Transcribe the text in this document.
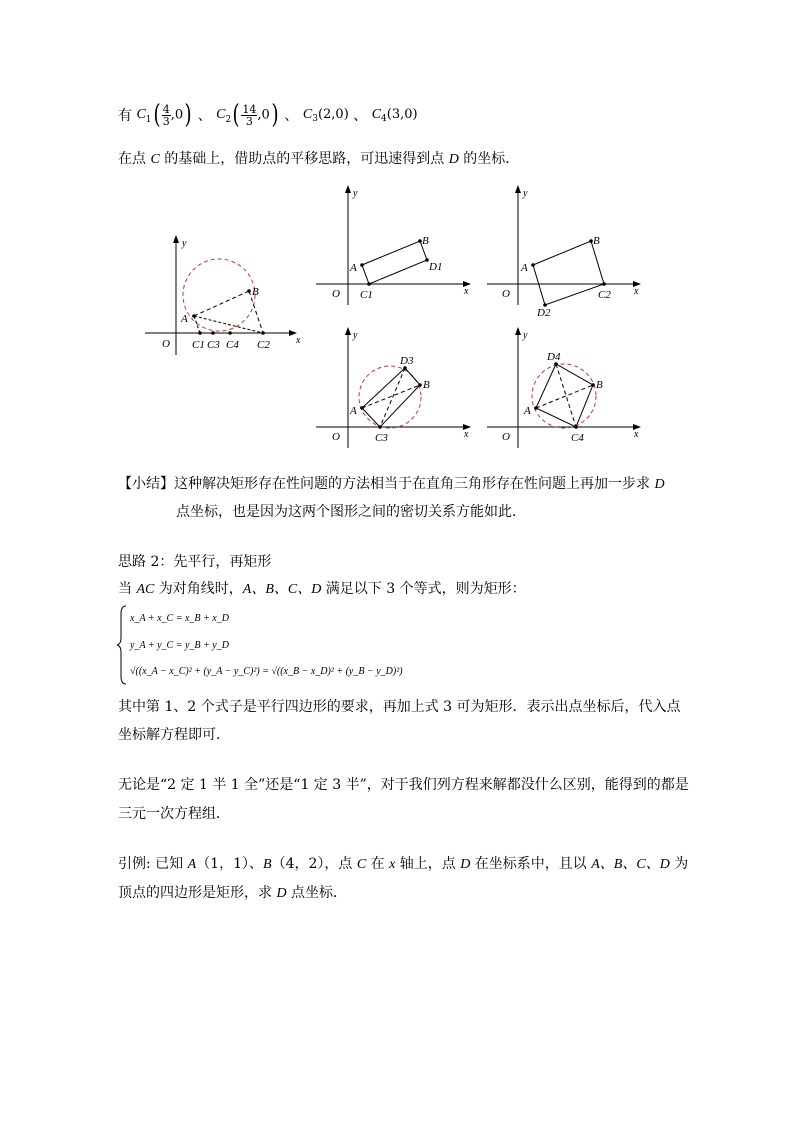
有 $C_1( \frac{4}{3} ,0)$ 、 $C_2( \frac{14}{3} ,0)$ 、 $C_3(2,0)$ 、 $C_4(3,0)$
在点 C 的基础上，借助点的平移思路，可迅速得到点 D 的坐标．
y
x
O
A
B
C1 C3 C4 C2
y
x
O
A
B
D1
C1
y
x
O
A
B
D2
C2
y
x
O
A
B
D3
C3
y
x
O
A
B
D4
C4
【小结】这种解决矩形存在性问题的方法相当于在直角三角形存在性问题上再加一步求 D
点坐标，也是因为这两个图形之间的密切关系方能如此．
思路 2：先平行，再矩形
当 AC 为对角线时，A、B、C、D 满足以下 3 个等式，则为矩形：
x_A + x_C = x_B + x_D
y_A + y_C = y_B + y_D
√((x_A − x_C)² + (y_A − y_C)²) = √((x_B − x_D)² + (y_B − y_D)²)
其中第 1、2 个式子是平行四边形的要求，再加上式 3 可为矩形．表示出点坐标后，代入点
坐标解方程即可．
无论是“2 定 1 半 1 全”还是“1 定 3 半”，对于我们列方程来解都没什么区别，能得到的都是
三元一次方程组．
引例: 已知 A（1，1）、B（4，2），点 C 在 x 轴上，点 D 在坐标系中，且以 A、B、C、D 为
顶点的四边形是矩形，求 D 点坐标．
